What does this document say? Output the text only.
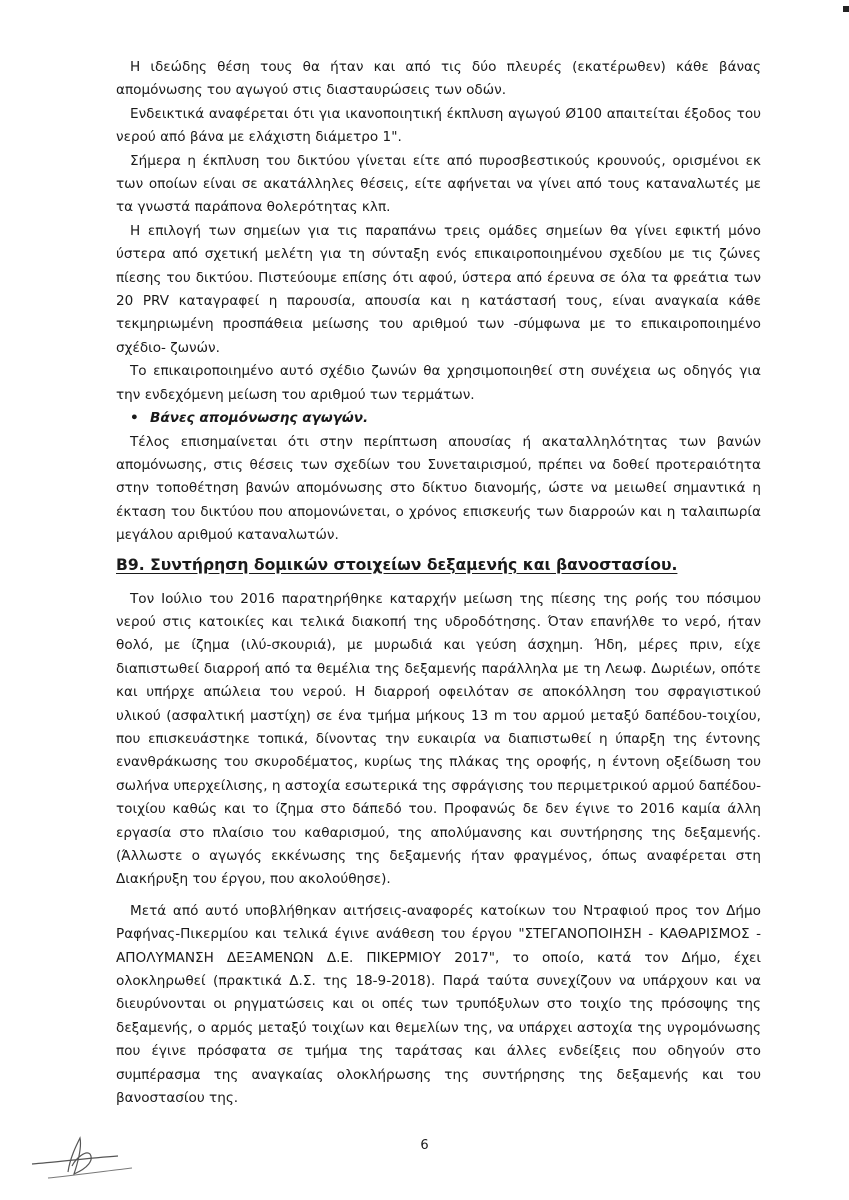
Η ιδεώδης θέση τους θα ήταν και από τις δύο πλευρές (εκατέρωθεν) κάθε βάνας απομόνωσης του αγωγού στις διασταυρώσεις των οδών.

Ενδεικτικά αναφέρεται ότι για ικανοποιητική έκπλυση αγωγού Ø100 απαιτείται έξοδος του νερού από βάνα με ελάχιστη διάμετρο 1".

Σήμερα η έκπλυση του δικτύου γίνεται είτε από πυροσβεστικούς κρουνούς, ορισμένοι εκ των οποίων είναι σε ακατάλληλες θέσεις, είτε αφήνεται να γίνει από τους καταναλωτές με τα γνωστά παράπονα θολερότητας κλπ.

Η επιλογή των σημείων για τις παραπάνω τρεις ομάδες σημείων θα γίνει εφικτή μόνο ύστερα από σχετική μελέτη για τη σύνταξη ενός επικαιροποιημένου σχεδίου με τις ζώνες πίεσης του δικτύου. Πιστεύουμε επίσης ότι αφού, ύστερα από έρευνα σε όλα τα φρεάτια των 20 PRV καταγραφεί η παρουσία, απουσία και η κατάστασή τους, είναι αναγκαία κάθε τεκμηριωμένη προσπάθεια μείωσης του αριθμού των -σύμφωνα με το επικαιροποιημένο σχέδιο- ζωνών.

Το επικαιροποιημένο αυτό σχέδιο ζωνών θα χρησιμοποιηθεί στη συνέχεια ως οδηγός για την ενδεχόμενη μείωση του αριθμού των τερμάτων.

• Βάνες απομόνωσης αγωγών.

Τέλος επισημαίνεται ότι στην περίπτωση απουσίας ή ακαταλληλότητας των βανών απομόνωσης, στις θέσεις των σχεδίων του Συνεταιρισμού, πρέπει να δοθεί προτεραιότητα στην τοποθέτηση βανών απομόνωσης στο δίκτυο διανομής, ώστε να μειωθεί σημαντικά η έκταση του δικτύου που απομονώνεται, ο χρόνος επισκευής των διαρροών και η ταλαιπωρία μεγάλου αριθμού καταναλωτών.

Β9. Συντήρηση δομικών στοιχείων δεξαμενής και βανοστασίου.

Τον Ιούλιο του 2016 παρατηρήθηκε καταρχήν μείωση της πίεσης της ροής του πόσιμου νερού στις κατοικίες και τελικά διακοπή της υδροδότησης. Όταν επανήλθε το νερό, ήταν θολό, με ίζημα (ιλύ-σκουριά), με μυρωδιά και γεύση άσχημη. Ήδη, μέρες πριν, είχε διαπιστωθεί διαρροή από τα θεμέλια της δεξαμενής παράλληλα με τη Λεωφ. Δωριέων, οπότε και υπήρχε απώλεια του νερού. Η διαρροή οφειλόταν σε αποκόλληση του σφραγιστικού υλικού (ασφαλτική μαστίχη) σε ένα τμήμα μήκους 13 m του αρμού μεταξύ δαπέδου-τοιχίου, που επισκευάστηκε τοπικά, δίνοντας την ευκαιρία να διαπιστωθεί η ύπαρξη της έντονης ενανθράκωσης του σκυροδέματος, κυρίως της πλάκας της οροφής, η έντονη οξείδωση του σωλήνα υπερχείλισης, η αστοχία εσωτερικά της σφράγισης του περιμετρικού αρμού δαπέδου-τοιχίου καθώς και το ίζημα στο δάπεδό του. Προφανώς δε δεν έγινε το 2016 καμία άλλη εργασία στο πλαίσιο του καθαρισμού, της απολύμανσης και συντήρησης της δεξαμενής. (Άλλωστε ο αγωγός εκκένωσης της δεξαμενής ήταν φραγμένος, όπως αναφέρεται στη Διακήρυξη του έργου, που ακολούθησε).

Μετά από αυτό υποβλήθηκαν αιτήσεις-αναφορές κατοίκων του Ντραφιού προς τον Δήμο Ραφήνας-Πικερμίου και τελικά έγινε ανάθεση του έργου "ΣΤΕΓΑΝΟΠΟΙΗΣΗ - ΚΑΘΑΡΙΣΜΟΣ - ΑΠΟΛΥΜΑΝΣΗ ΔΕΞΑΜΕΝΩΝ Δ.Ε. ΠΙΚΕΡΜΙΟΥ 2017", το οποίο, κατά τον Δήμο, έχει ολοκληρωθεί (πρακτικά Δ.Σ. της 18-9-2018). Παρά ταύτα συνεχίζουν να υπάρχουν και να διευρύνονται οι ρηγματώσεις και οι οπές των τρυπόξυλων στο τοιχίο της πρόσοψης της δεξαμενής, ο αρμός μεταξύ τοιχίων και θεμελίων της, να υπάρχει αστοχία της υγρομόνωσης που έγινε πρόσφατα σε τμήμα της ταράτσας και άλλες ενδείξεις που οδηγούν στο συμπέρασμα της αναγκαίας ολοκλήρωσης της συντήρησης της δεξαμενής και του βανοστασίου της.

6
